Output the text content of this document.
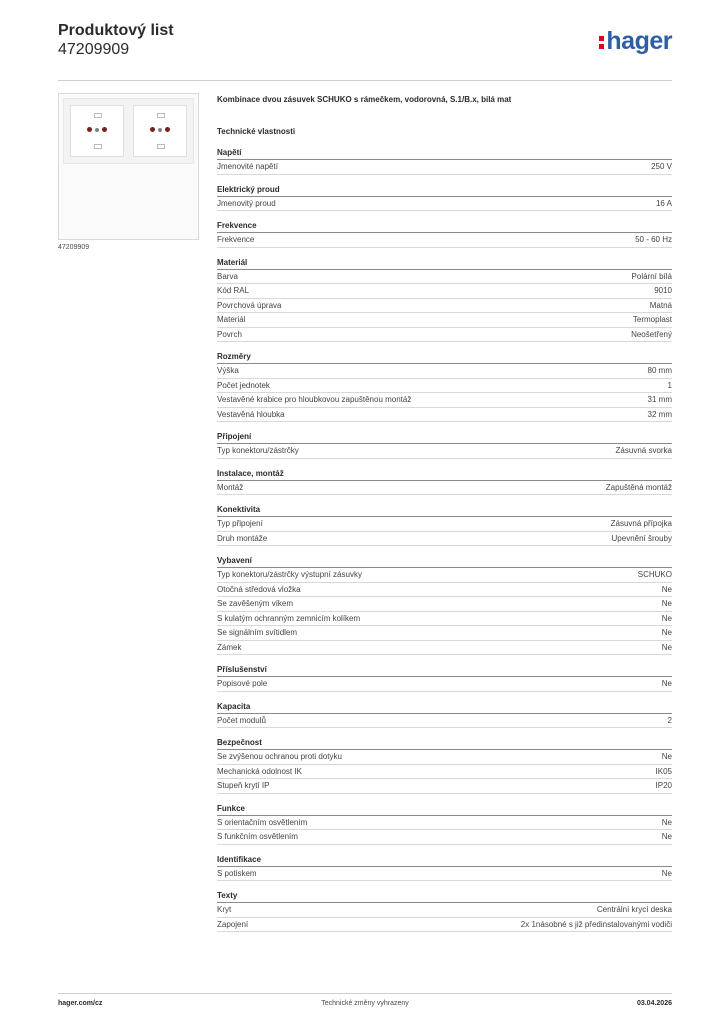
Produktový list
47209909	hager
47209909
Kombinace dvou zásuvek SCHUKO s rámečkem, vodorovná, S.1/B.x, bilá mat
Technické vlastnosti
Napětí
Jmenovité napětí	250 V
Elektrický proud
Jmenovitý proud	16 A
Frekvence
Frekvence	50 - 60 Hz
Materiál
Barva	Polární bílá
Kód RAL	9010
Povrchová úprava	Matná
Materiál	Termoplast
Povrch	Neošetřený
Rozměry
Výška	80 mm
Počet jednotek	1
Vestavěné krabice pro hloubkovou zapuštěnou montáž	31 mm
Vestavěná hloubka	32 mm
Připojení
Typ konektoru/zástrčky	Zásuvná svorka
Instalace, montáž
Montáž	Zapuštěná montáž
Konektivita
Typ připojení	Zásuvná přípojka
Druh montáže	Upevnění šrouby
Vybavení
Typ konektoru/zástrčky výstupní zásuvky	SCHUKO
Otočná středová vložka	Ne
Se zavěšeným víkem	Ne
S kulatým ochranným zemnicím kolíkem	Ne
Se signálním svítidlem	Ne
Zámek	Ne
Příslušenství
Popisové pole	Ne
Kapacita
Počet modulů	2
Bezpečnost
Se zvýšenou ochranou proti dotyku	Ne
Mechanická odolnost IK	IK05
Stupeň krytí IP	IP20
Funkce
S orientačním osvětlením	Ne
S funkčním osvětlením	Ne
Identifikace
S potiskem	Ne
Texty
Kryt	Centrální krycí deska
Zapojení	2x 1násobné s již předinstalovanými vodiči
hager.com/cz	Technické změny vyhrazeny	03.04.2026
